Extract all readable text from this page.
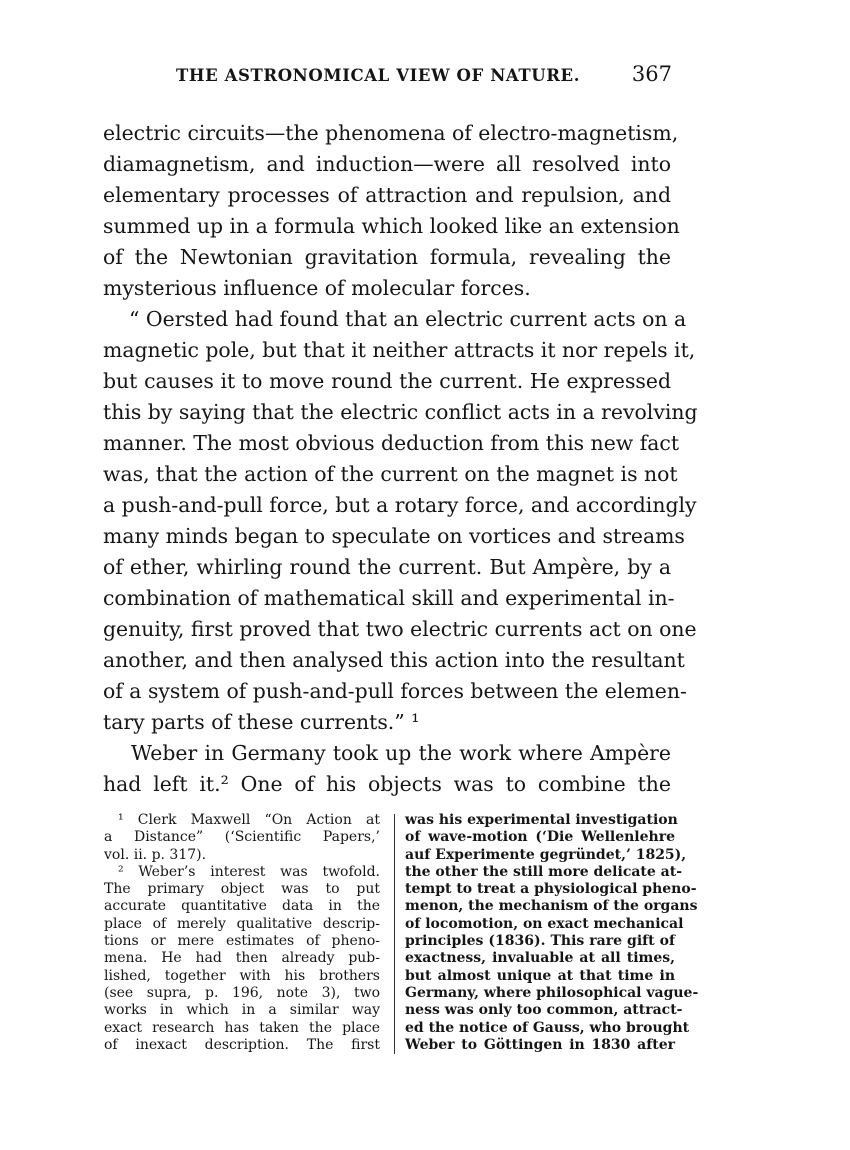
THE ASTRONOMICAL VIEW OF NATURE. 367
electric circuits—the phenomena of electro-magnetism,
diamagnetism, and induction—were all resolved into
elementary processes of attraction and repulsion, and
summed up in a formula which looked like an extension
of the Newtonian gravitation formula, revealing the
mysterious influence of molecular forces.
“ Oersted had found that an electric current acts on a
magnetic pole, but that it neither attracts it nor repels it,
but causes it to move round the current. He expressed
this by saying that the electric conflict acts in a revolving
manner. The most obvious deduction from this new fact
was, that the action of the current on the magnet is not
a push-and-pull force, but a rotary force, and accordingly
many minds began to speculate on vortices and streams
of ether, whirling round the current. But Ampère, by a
combination of mathematical skill and experimental in-
genuity, first proved that two electric currents act on one
another, and then analysed this action into the resultant
of a system of push-and-pull forces between the elemen-
tary parts of these currents.” ¹
Weber in Germany took up the work where Ampère
had left it.² One of his objects was to combine the
¹ Clerk Maxwell “On Action at
a Distance” (‘Scientific Papers,’
vol. ii. p. 317).
² Weber’s interest was twofold.
The primary object was to put
accurate quantitative data in the
place of merely qualitative descrip-
tions or mere estimates of pheno-
mena. He had then already pub-
lished, together with his brothers
(see supra, p. 196, note 3), two
works in which in a similar way
exact research has taken the place
of inexact description. The first
was his experimental investigation
of wave-motion (‘Die Wellenlehre
auf Experimente gegründet,’ 1825),
the other the still more delicate at-
tempt to treat a physiological pheno-
menon, the mechanism of the organs
of locomotion, on exact mechanical
principles (1836). This rare gift of
exactness, invaluable at all times,
but almost unique at that time in
Germany, where philosophical vague-
ness was only too common, attract-
ed the notice of Gauss, who brought
Weber to Göttingen in 1830 after
